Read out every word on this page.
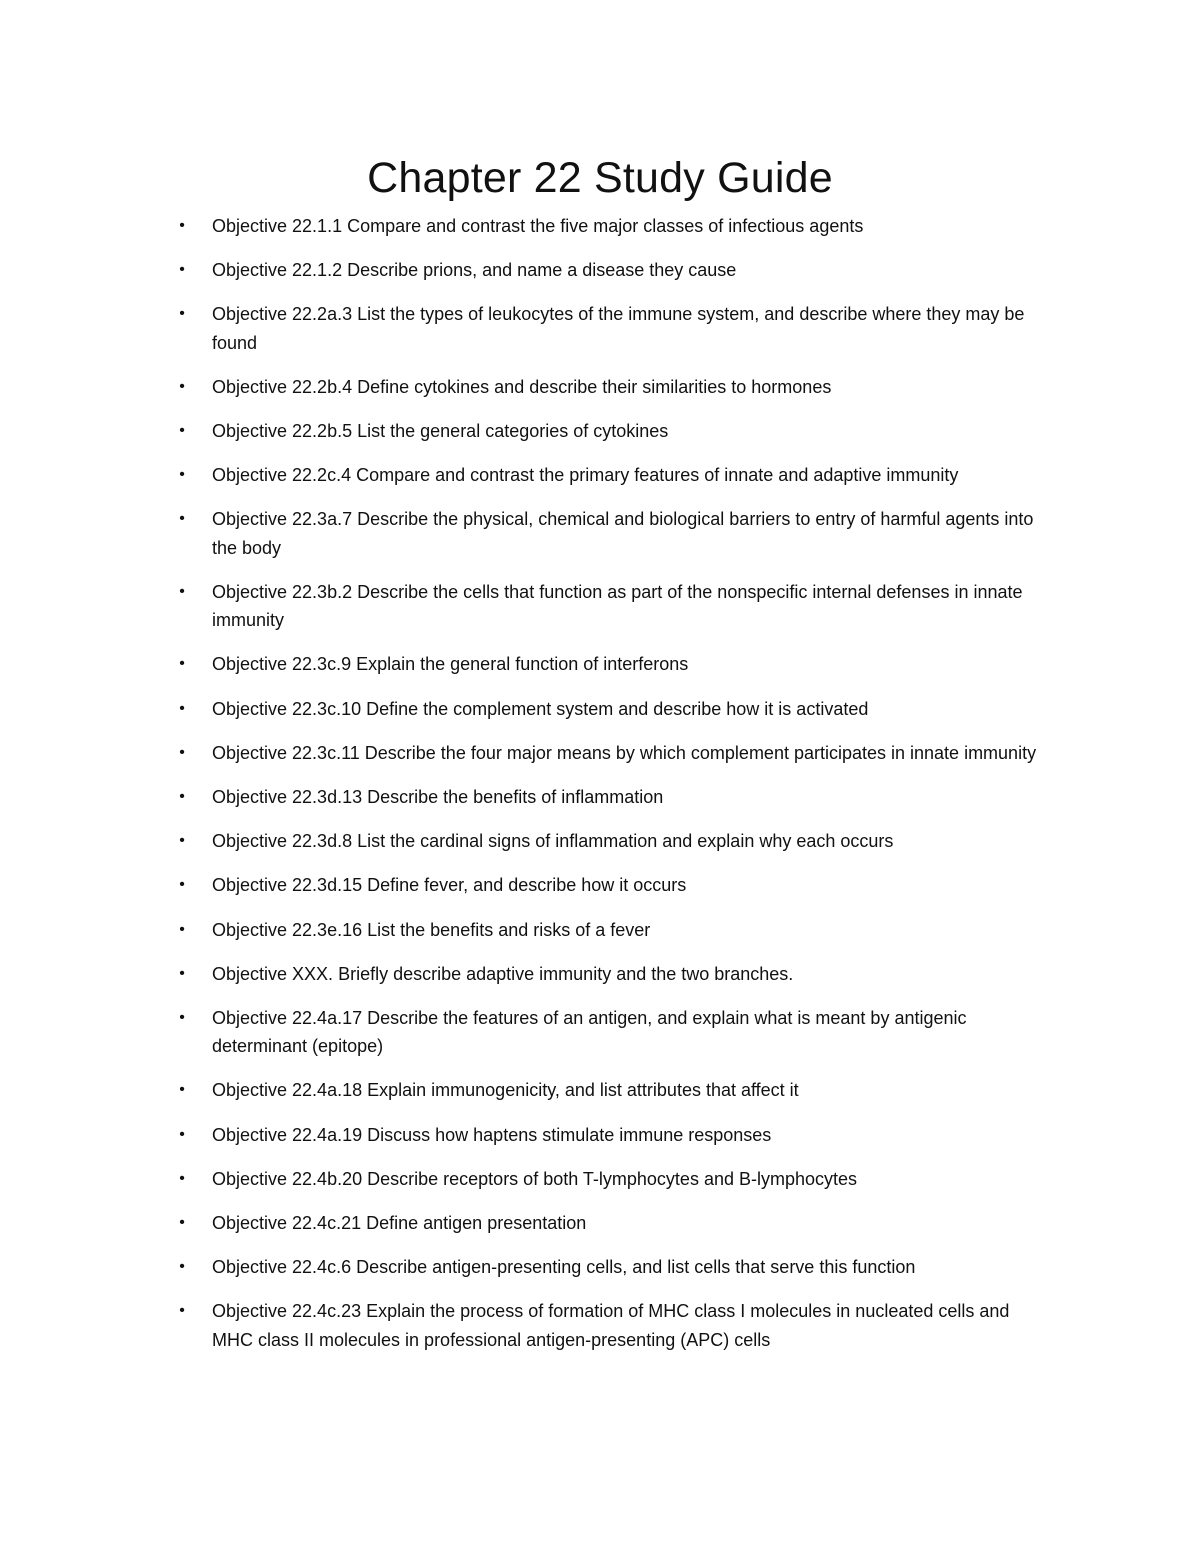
Chapter 22 Study Guide
• Objective 22.1.1 Compare and contrast the five major classes of infectious agents
• Objective 22.1.2 Describe prions, and name a disease they cause
• Objective 22.2a.3 List the types of leukocytes of the immune system, and describe where they may be found
• Objective 22.2b.4 Define cytokines and describe their similarities to hormones
• Objective 22.2b.5 List the general categories of cytokines
• Objective 22.2c.4 Compare and contrast the primary features of innate and adaptive immunity
• Objective 22.3a.7 Describe the physical, chemical and biological barriers to entry of harmful agents into the body
• Objective 22.3b.2 Describe the cells that function as part of the nonspecific internal defenses in innate immunity
• Objective 22.3c.9 Explain the general function of interferons
• Objective 22.3c.10 Define the complement system and describe how it is activated
• Objective 22.3c.11 Describe the four major means by which complement participates in innate immunity
• Objective 22.3d.13 Describe the benefits of inflammation
• Objective 22.3d.8 List the cardinal signs of inflammation and explain why each occurs
• Objective 22.3d.15 Define fever, and describe how it occurs
• Objective 22.3e.16 List the benefits and risks of a fever
• Objective XXX. Briefly describe adaptive immunity and the two branches.
• Objective 22.4a.17 Describe the features of an antigen, and explain what is meant by antigenic determinant (epitope)
• Objective 22.4a.18 Explain immunogenicity, and list attributes that affect it
• Objective 22.4a.19 Discuss how haptens stimulate immune responses
• Objective 22.4b.20 Describe receptors of both T-lymphocytes and B-lymphocytes
• Objective 22.4c.21 Define antigen presentation
• Objective 22.4c.6 Describe antigen-presenting cells, and list cells that serve this function
• Objective 22.4c.23 Explain the process of formation of MHC class I molecules in nucleated cells and MHC class II molecules in professional antigen-presenting (APC) cells
